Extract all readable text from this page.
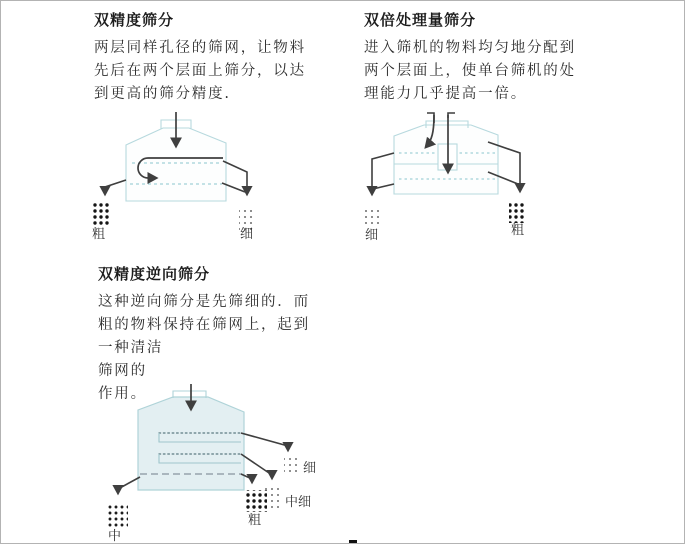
双精度筛分
两层同样孔径的筛网，让物料
先后在两个层面上筛分，以达
到更高的筛分精度.
双倍处理量筛分
进入筛机的物料均匀地分配到
两个层面上，使单台筛机的处
理能力几乎提高一倍。
双精度逆向筛分
这种逆向筛分是先筛细的．而
粗的物料保持在筛网上，起到
一种清洁
筛网的
作用。
粗	细	细	粗
细
中细
粗
中
